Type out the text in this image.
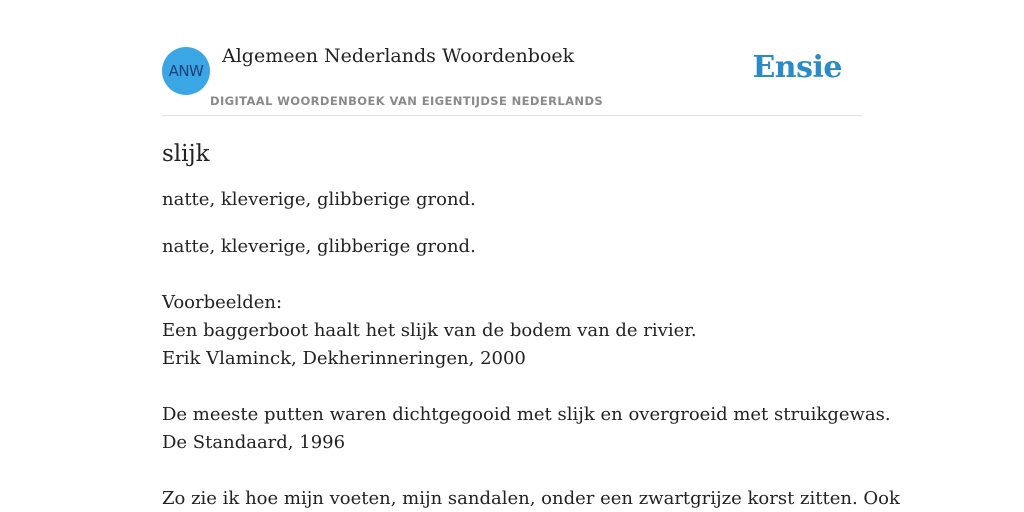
ANW
Algemeen Nederlands Woordenboek
DIGITAAL WOORDENBOEK VAN EIGENTIJDSE NEDERLANDS
Ensie
slijk
natte, kleverige, glibberige grond.
natte, kleverige, glibberige grond.
Voorbeelden:
Een baggerboot haalt het slijk van de bodem van de rivier.
Erik Vlaminck, Dekherinneringen, 2000
De meeste putten waren dichtgegooid met slijk en overgroeid met struikgewas.
De Standaard, 1996
Zo zie ik hoe mijn voeten, mijn sandalen, onder een zwartgrijze korst zitten. Ook
